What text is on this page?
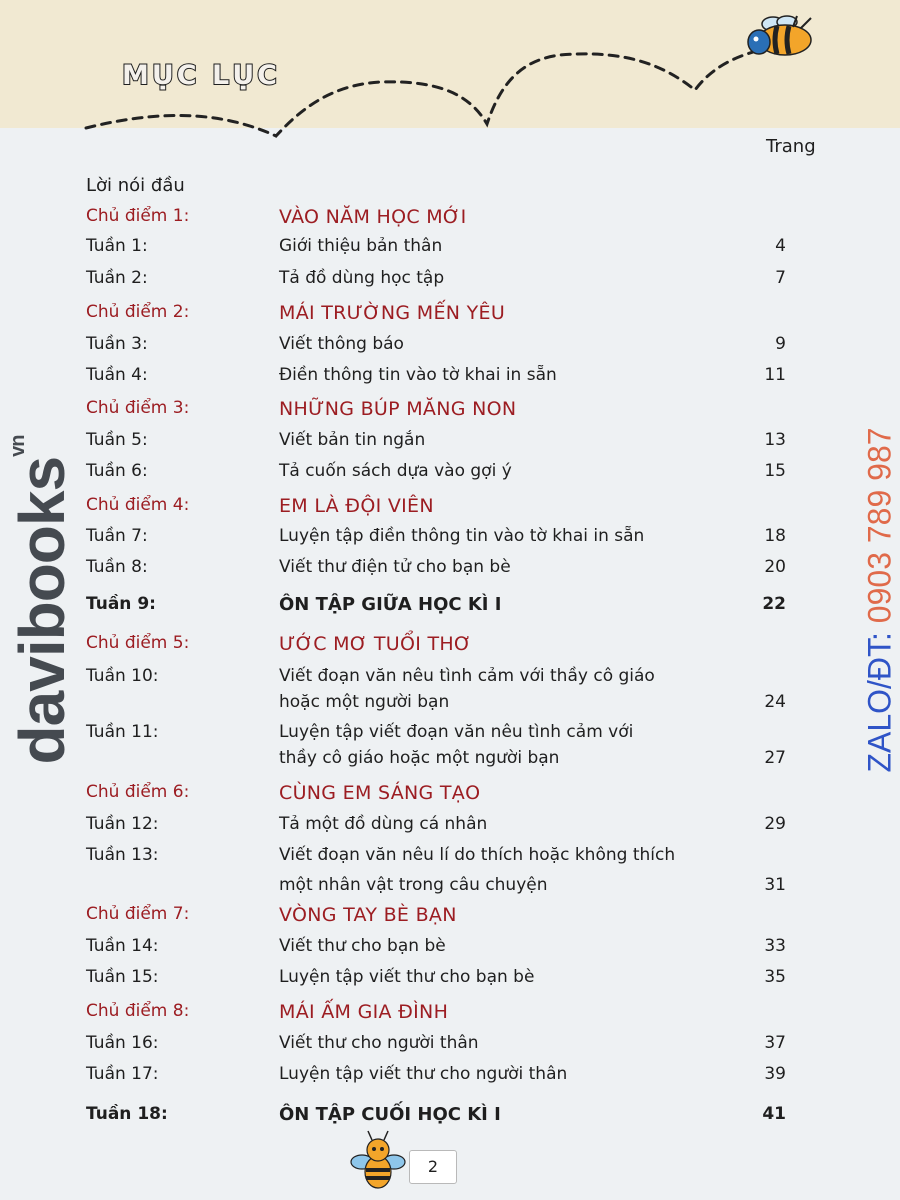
MỤC LỤC
Trang
Lời nói đầu
Chủ điểm 1:	VÀO NĂM HỌC MỚI
Tuần 1:	Giới thiệu bản thân	4
Tuần 2:	Tả đồ dùng học tập	7
Chủ điểm 2:	MÁI TRƯỜNG MẾN YÊU
Tuần 3:	Viết thông báo	9
Tuần 4:	Điền thông tin vào tờ khai in sẵn	11
Chủ điểm 3:	NHỮNG BÚP MĂNG NON
Tuần 5:	Viết bản tin ngắn	13
Tuần 6:	Tả cuốn sách dựa vào gợi ý	15
Chủ điểm 4:	EM LÀ ĐỘI VIÊN
Tuần 7:	Luyện tập điền thông tin vào tờ khai in sẵn	18
Tuần 8:	Viết thư điện tử cho bạn bè	20
Tuần 9:	ÔN TẬP GIỮA HỌC KÌ I	22
Chủ điểm 5:	ƯỚC MƠ TUỔI THƠ
Tuần 10:	Viết đoạn văn nêu tình cảm với thầy cô giáo
hoặc một người bạn	24
Tuần 11:	Luyện tập viết đoạn văn nêu tình cảm với
thầy cô giáo hoặc một người bạn	27
Chủ điểm 6:	CÙNG EM SÁNG TẠO
Tuần 12:	Tả một đồ dùng cá nhân	29
Tuần 13:	Viết đoạn văn nêu lí do thích hoặc không thích
một nhân vật trong câu chuyện	31
Chủ điểm 7:	VÒNG TAY BÈ BẠN
Tuần 14:	Viết thư cho bạn bè	33
Tuần 15:	Luyện tập viết thư cho bạn bè	35
Chủ điểm 8:	MÁI ẤM GIA ĐÌNH
Tuần 16:	Viết thư cho người thân	37
Tuần 17:	Luyện tập viết thư cho người thân	39
Tuần 18:	ÔN TẬP CUỐI HỌC KÌ I	41
davibooks$^{vn}$
ZALO/ĐT: 0903 789 987
2
